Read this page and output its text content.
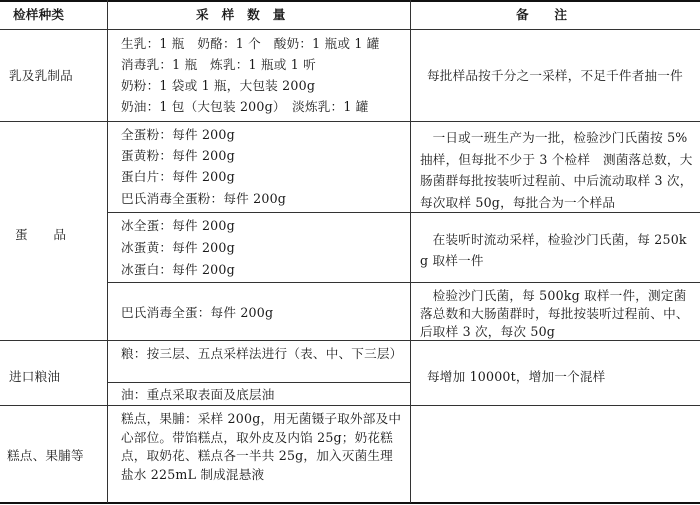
检样种类	采　样　数　量	备　　注
乳及乳制品
生乳：1 瓶　奶酪：1 个　酸奶：1 瓶或 1 罐
消毒乳：1 瓶　炼乳：1 瓶或 1 听
奶粉：1 袋或 1 瓶，大包装 200g
奶油：1 包（大包装 200g）　淡炼乳：1 罐
每批样品按千分之一采样，不足千件者抽一件
蛋　　品
全蛋粉：每件 200g
蛋黄粉：每件 200g
蛋白片：每件 200g
巴氏消毒全蛋粉：每件 200g
一日或一班生产为一批，检验沙门氏菌按 5% 抽样，但每批不少于 3 个检样　测菌落总数，大肠菌群每批按装听过程前、中后流动取样 3 次，每次取样 50g，每批合为一个样品
冰全蛋：每件 200g
冰蛋黄：每件 200g
冰蛋白：每件 200g
在装听时流动采样，检验沙门氏菌，每 250kg 取样一件
巴氏消毒全蛋：每件 200g
检验沙门氏菌，每 500kg 取样一件，测定菌落总数和大肠菌群时，每批按装听过程前、中、后取样 3 次，每次 50g
进口粮油
粮：按三层、五点采样法进行（表、中、下三层）
油：重点采取表面及底层油
每增加 10000t，增加一个混样
糕点、果脯等
糕点，果脯：采样 200g，用无菌镊子取外部及中心部位。带馅糕点，取外皮及内馅 25g；奶花糕点，取奶花、糕点各一半共 25g，加入灭菌生理盐水 225mL 制成混悬液
